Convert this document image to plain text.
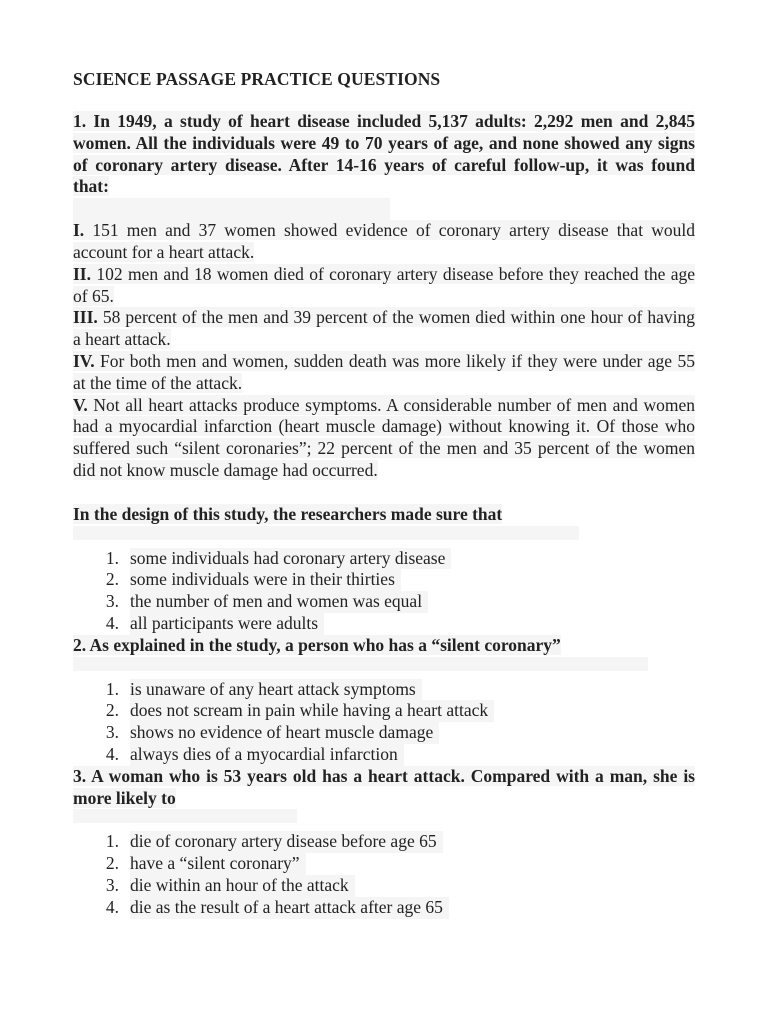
SCIENCE PASSAGE PRACTICE QUESTIONS

1. In 1949, a study of heart disease included 5,137 adults: 2,292 men and 2,845 women. All the individuals were 49 to 70 years of age, and none showed any signs of coronary artery disease. After 14-16 years of careful follow-up, it was found that:

I. 151 men and 37 women showed evidence of coronary artery disease that would account for a heart attack.

II. 102 men and 18 women died of coronary artery disease before they reached the age of 65.

III. 58 percent of the men and 39 percent of the women died within one hour of having a heart attack.

IV. For both men and women, sudden death was more likely if they were under age 55 at the time of the attack.

V. Not all heart attacks produce symptoms. A considerable number of men and women had a myocardial infarction (heart muscle damage) without knowing it. Of those who suffered such “silent coronaries”; 22 percent of the men and 35 percent of the women did not know muscle damage had occurred.

In the design of this study, the researchers made sure that

1. some individuals had coronary artery disease
2. some individuals were in their thirties
3. the number of men and women was equal
4. all participants were adults

2. As explained in the study, a person who has a “silent coronary”

1. is unaware of any heart attack symptoms
2. does not scream in pain while having a heart attack
3. shows no evidence of heart muscle damage
4. always dies of a myocardial infarction

3. A woman who is 53 years old has a heart attack. Compared with a man, she is more likely to

1. die of coronary artery disease before age 65
2. have a “silent coronary”
3. die within an hour of the attack
4. die as the result of a heart attack after age 65
